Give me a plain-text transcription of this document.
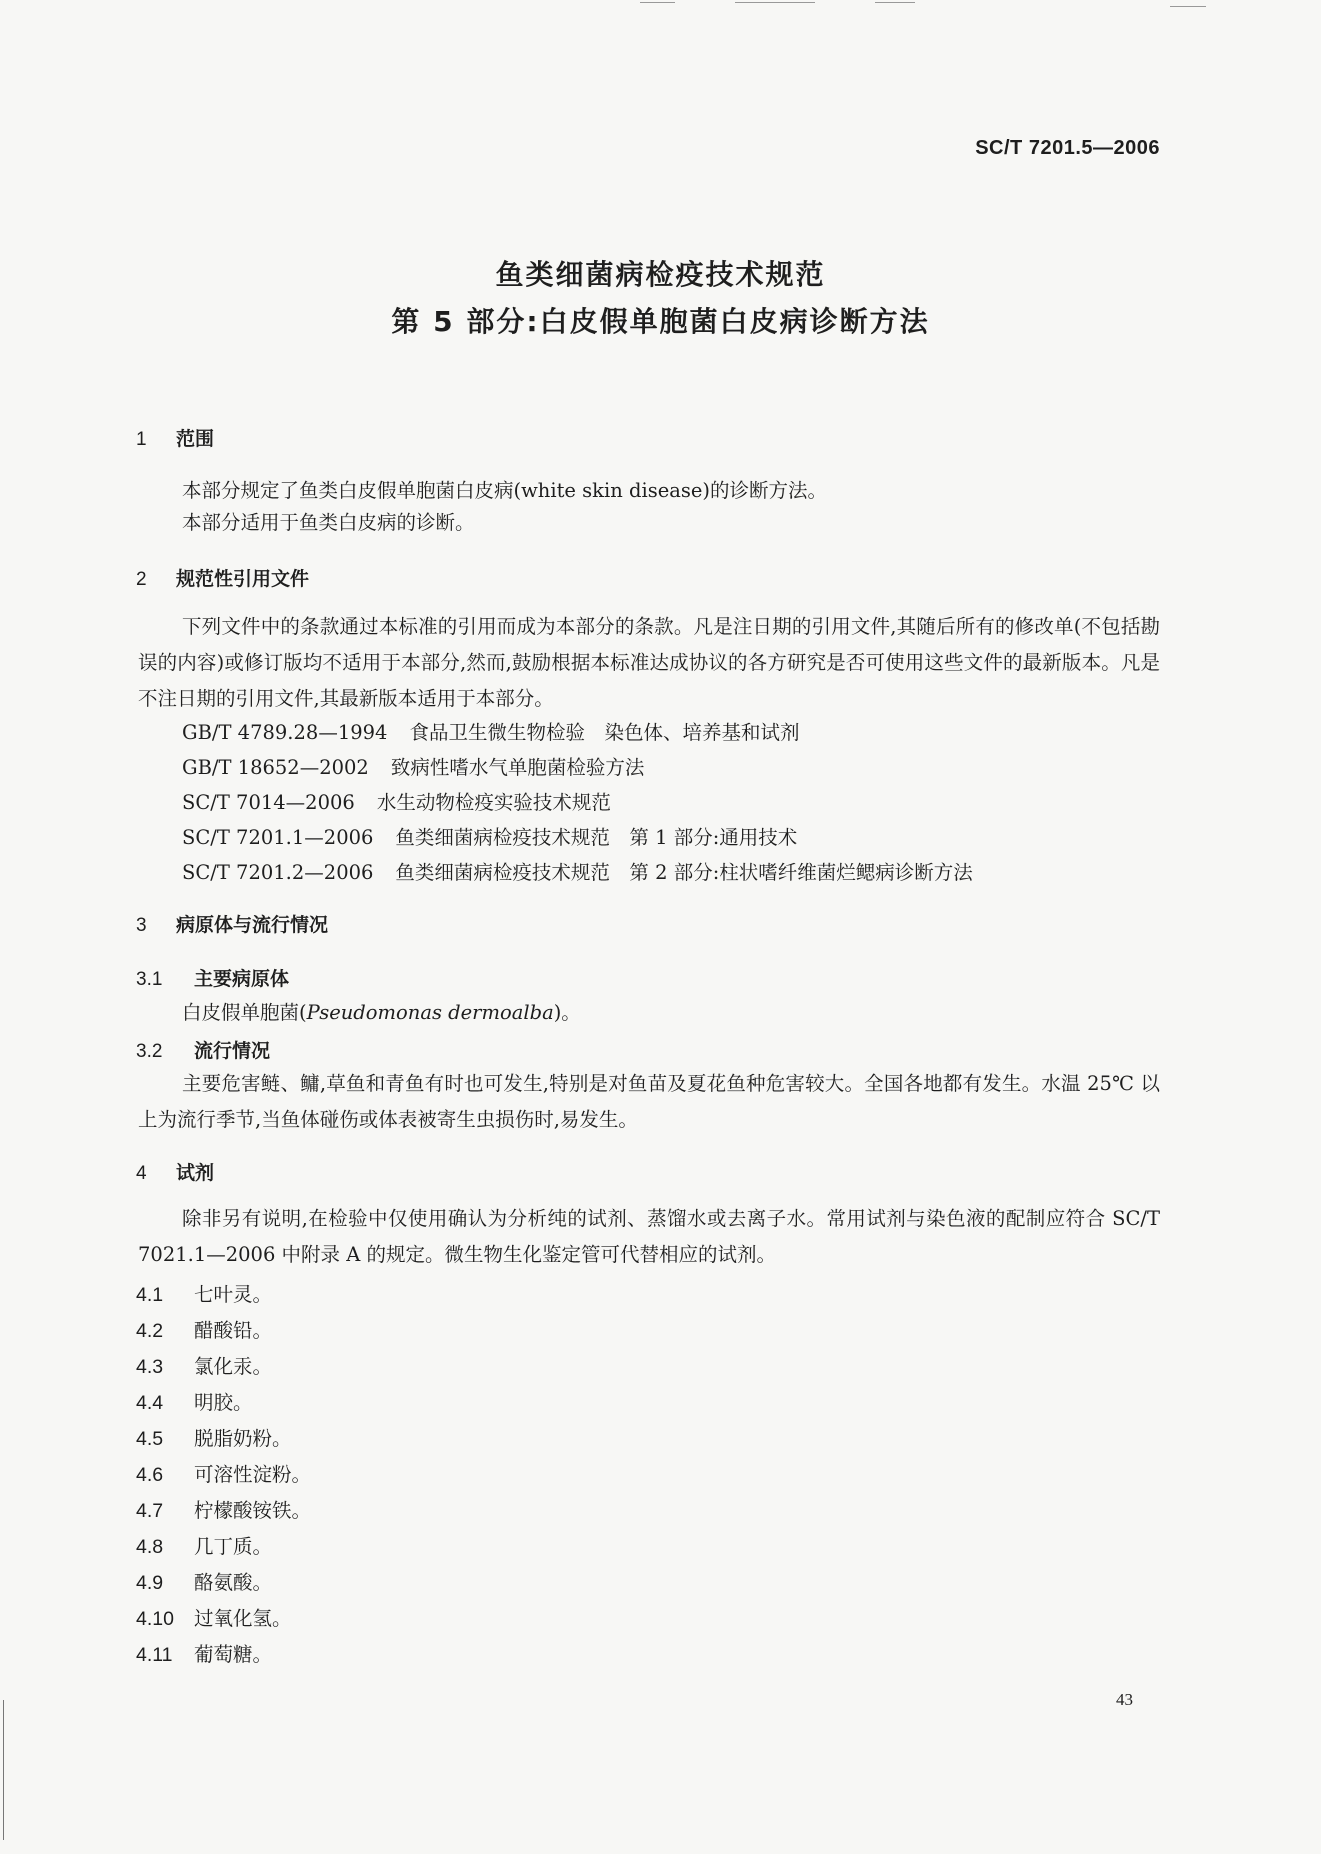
SC/T 7201.5—2006
鱼类细菌病检疫技术规范
第 5 部分:白皮假单胞菌白皮病诊断方法
1 范围
本部分规定了鱼类白皮假单胞菌白皮病(white skin disease)的诊断方法。
本部分适用于鱼类白皮病的诊断。
2 规范性引用文件
下列文件中的条款通过本标准的引用而成为本部分的条款。凡是注日期的引用文件,其随后所有的修改单(不包括勘误的内容)或修订版均不适用于本部分,然而,鼓励根据本标准达成协议的各方研究是否可使用这些文件的最新版本。凡是不注日期的引用文件,其最新版本适用于本部分。
GB/T 4789.28—1994 食品卫生微生物检验　染色体、培养基和试剂
GB/T 18652—2002 致病性嗜水气单胞菌检验方法
SC/T 7014—2006 水生动物检疫实验技术规范
SC/T 7201.1—2006 鱼类细菌病检疫技术规范　第 1 部分:通用技术
SC/T 7201.2—2006 鱼类细菌病检疫技术规范　第 2 部分:柱状嗜纤维菌烂鳃病诊断方法
3 病原体与流行情况
3.1 主要病原体
白皮假单胞菌(Pseudomonas dermoalba)。
3.2 流行情况
主要危害鲢、鳙,草鱼和青鱼有时也可发生,特别是对鱼苗及夏花鱼种危害较大。全国各地都有发生。水温 25℃ 以上为流行季节,当鱼体碰伤或体表被寄生虫损伤时,易发生。
4 试剂
除非另有说明,在检验中仅使用确认为分析纯的试剂、蒸馏水或去离子水。常用试剂与染色液的配制应符合 SC/T 7021.1—2006 中附录 A 的规定。微生物生化鉴定管可代替相应的试剂。
4.1 七叶灵。
4.2 醋酸铅。
4.3 氯化汞。
4.4 明胶。
4.5 脱脂奶粉。
4.6 可溶性淀粉。
4.7 柠檬酸铵铁。
4.8 几丁质。
4.9 酪氨酸。
4.10 过氧化氢。
4.11 葡萄糖。
43
